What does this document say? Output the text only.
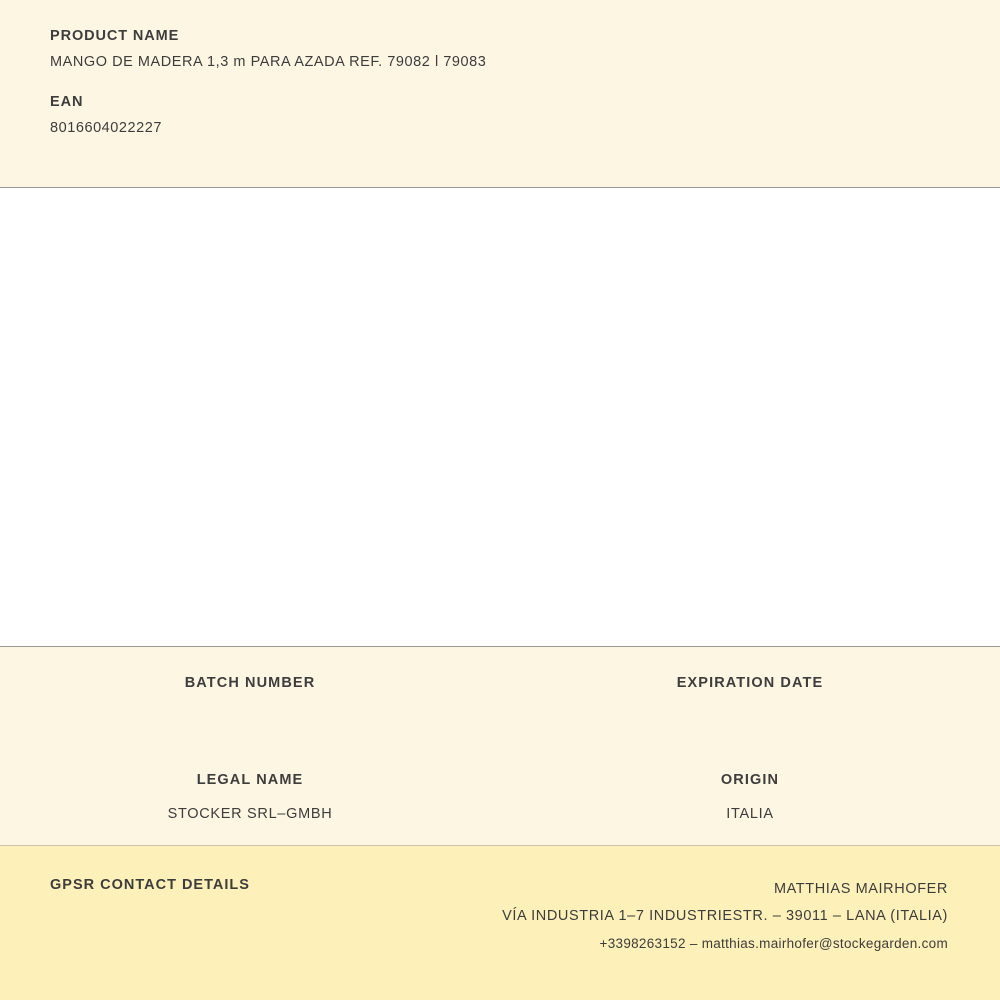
PRODUCT NAME
MANGO DE MADERA 1,3 m PARA AZADA REF. 79082 l 79083
EAN
8016604022227
BATCH NUMBER	EXPIRATION DATE
LEGAL NAME
STOCKER SRL–GMBH
ORIGIN
ITALIA
GPSR CONTACT DETAILS	MATTHIAS MAIRHOFER
VÍA INDUSTRIA 1–7 INDUSTRIESTR. – 39011 – LANA (ITALIA)
+3398263152 – matthias.mairhofer@stockegarden.com
